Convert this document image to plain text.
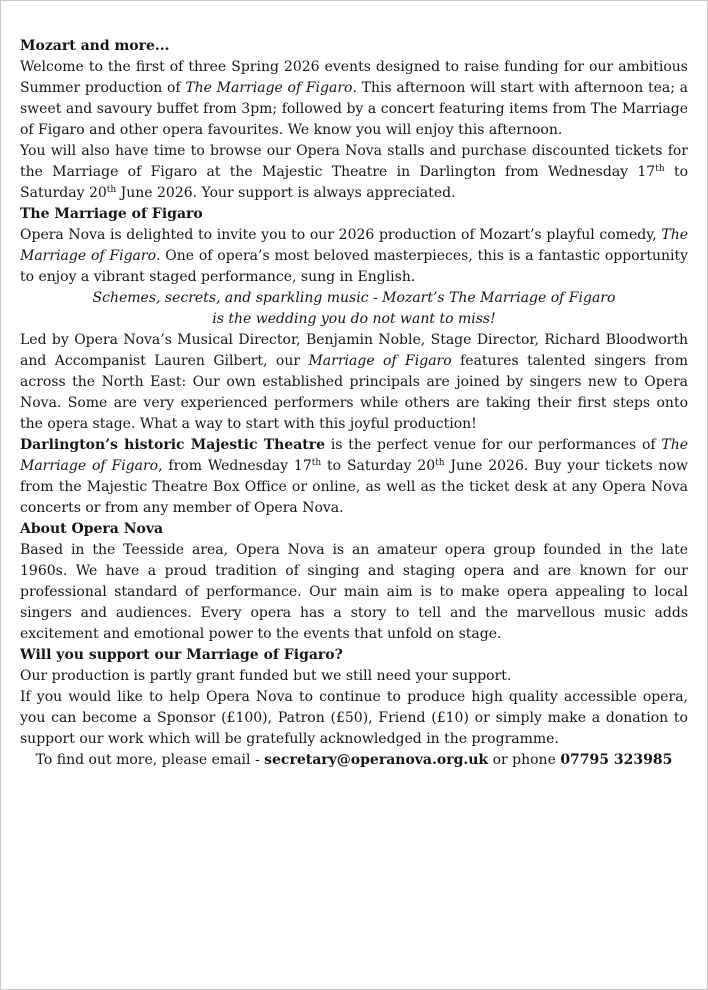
Mozart and more...

Welcome to the first of three Spring 2026 events designed to raise funding for our ambitious Summer production of The Marriage of Figaro. This afternoon will start with afternoon tea; a sweet and savoury buffet from 3pm; followed by a concert featuring items from The Marriage of Figaro and other opera favourites. We know you will enjoy this afternoon.

You will also have time to browse our Opera Nova stalls and purchase discounted tickets for the Marriage of Figaro at the Majestic Theatre in Darlington from Wednesday 17th to Saturday 20th June 2026. Your support is always appreciated.

The Marriage of Figaro

Opera Nova is delighted to invite you to our 2026 production of Mozart’s playful comedy, The Marriage of Figaro. One of opera’s most beloved masterpieces, this is a fantastic opportunity to enjoy a vibrant staged performance, sung in English.

Schemes, secrets, and sparkling music - Mozart’s The Marriage of Figaro
is the wedding you do not want to miss!

Led by Opera Nova’s Musical Director, Benjamin Noble, Stage Director, Richard Bloodworth and Accompanist Lauren Gilbert, our Marriage of Figaro features talented singers from across the North East: Our own established principals are joined by singers new to Opera Nova. Some are very experienced performers while others are taking their first steps onto the opera stage. What a way to start with this joyful production!

Darlington’s historic Majestic Theatre is the perfect venue for our performances of The Marriage of Figaro, from Wednesday 17th to Saturday 20th June 2026. Buy your tickets now from the Majestic Theatre Box Office or online, as well as the ticket desk at any Opera Nova concerts or from any member of Opera Nova.

About Opera Nova

Based in the Teesside area, Opera Nova is an amateur opera group founded in the late 1960s. We have a proud tradition of singing and staging opera and are known for our professional standard of performance. Our main aim is to make opera appealing to local singers and audiences. Every opera has a story to tell and the marvellous music adds excitement and emotional power to the events that unfold on stage.

Will you support our Marriage of Figaro?

Our production is partly grant funded but we still need your support.

If you would like to help Opera Nova to continue to produce high quality accessible opera, you can become a Sponsor (£100), Patron (£50), Friend (£10) or simply make a donation to support our work which will be gratefully acknowledged in the programme.

To find out more, please email - secretary@operanova.org.uk or phone 07795 323985
